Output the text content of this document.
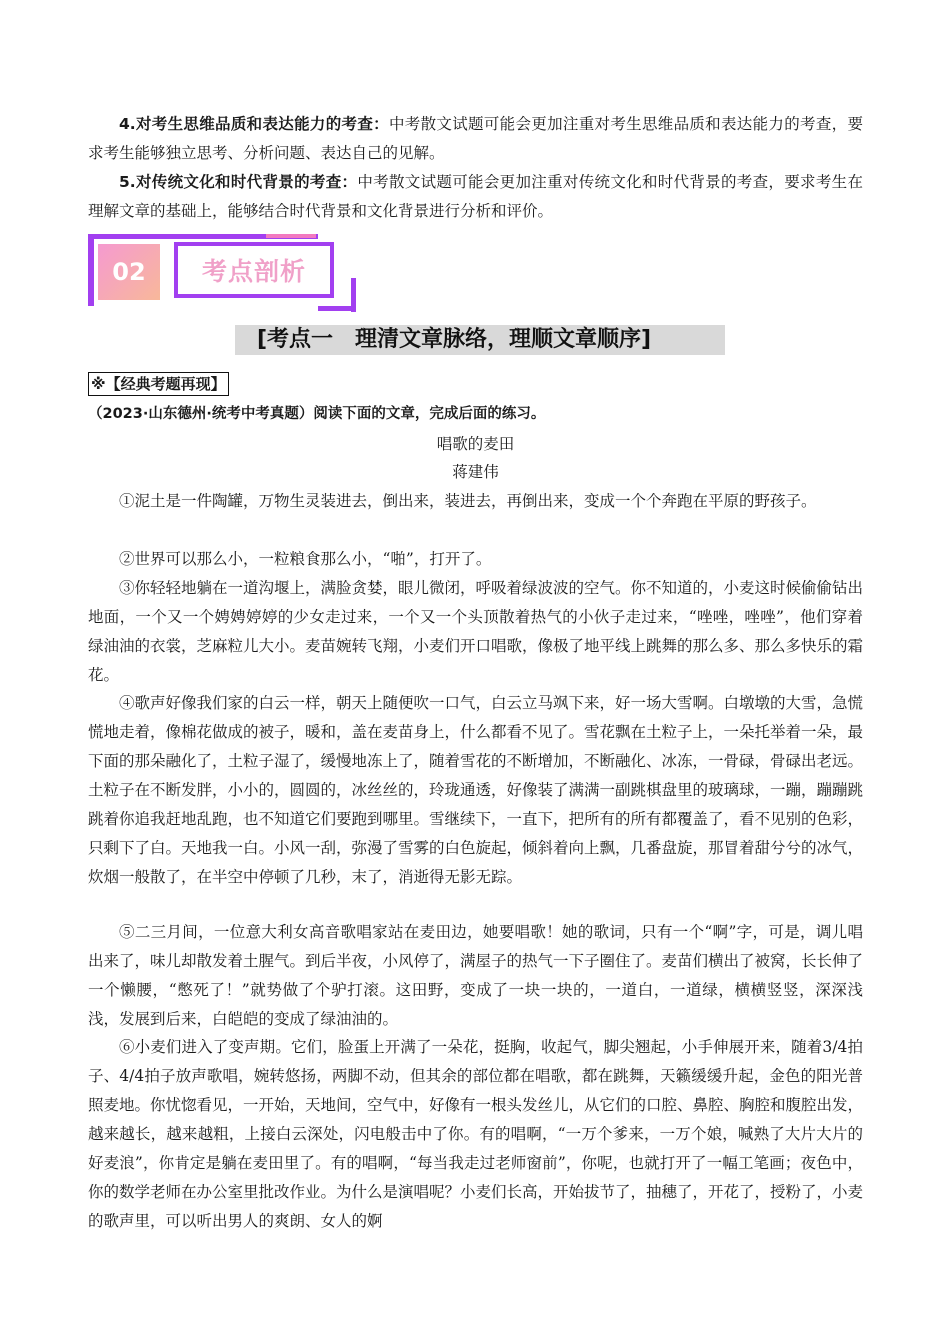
4.对考生思维品质和表达能力的考查：中考散文试题可能会更加注重对考生思维品质和表达能力的考查，要求考生能够独立思考、分析问题、表达自己的见解。

5.对传统文化和时代背景的考查：中考散文试题可能会更加注重对传统文化和时代背景的考查，要求考生在理解文章的基础上，能够结合时代背景和文化背景进行分析和评价。

02	考点剖析
[考点一　理清文章脉络，理顺文章顺序]
※【经典考题再现】
（2023·山东德州·统考中考真题）阅读下面的文章，完成后面的练习。
唱歌的麦田
蒋建伟

①泥土是一件陶罐，万物生灵装进去，倒出来，装进去，再倒出来，变成一个个奔跑在平原的野孩子。

②世界可以那么小，一粒粮食那么小，“啪”，打开了。

③你轻轻地躺在一道沟堰上，满脸贪婪，眼儿微闭，呼吸着绿波波的空气。你不知道的，小麦这时候偷偷钻出地面，一个又一个娉娉婷婷的少女走过来，一个又一个头顶散着热气的小伙子走过来，“唑唑，唑唑”，他们穿着绿油油的衣裳，芝麻粒儿大小。麦苗婉转飞翔，小麦们开口唱歌，像极了地平线上跳舞的那么多、那么多快乐的霜花。

④歌声好像我们家的白云一样，朝天上随便吹一口气，白云立马飒下来，好一场大雪啊。白墩墩的大雪，急慌慌地走着，像棉花做成的被子，暖和，盖在麦苗身上，什么都看不见了。雪花飘在土粒子上，一朵托举着一朵，最下面的那朵融化了，土粒子湿了，缓慢地冻上了，随着雪花的不断增加，不断融化、冰冻，一骨碌，骨碌出老远。土粒子在不断发胖，小小的，圆圆的，冰丝丝的，玲珑通透，好像装了满满一副跳棋盘里的玻璃球，一蹦，蹦蹦跳跳着你追我赶地乱跑，也不知道它们要跑到哪里。雪继续下，一直下，把所有的所有都覆盖了，看不见别的色彩，只剩下了白。天地我一白。小风一刮，弥漫了雪雾的白色旋起，倾斜着向上飘，几番盘旋，那冒着甜兮兮的冰气，炊烟一般散了，在半空中停顿了几秒，末了，消逝得无影无踪。

⑤二三月间，一位意大利女高音歌唱家站在麦田边，她要唱歌！她的歌词，只有一个“啊”字，可是，调儿唱出来了，味儿却散发着土腥气。到后半夜，小风停了，满屋子的热气一下子圈住了。麦苗们横出了被窝，长长伸了一个懒腰，“憋死了！”就势做了个驴打滚。这田野，变成了一块一块的，一道白，一道绿，横横竖竖，深深浅浅，发展到后来，白皑皑的变成了绿油油的。

⑥小麦们进入了变声期。它们，脸蛋上开满了一朵花，挺胸，收起气，脚尖翘起，小手伸展开来，随着3/4拍子、4/4拍子放声歌唱，婉转悠扬，两脚不动，但其余的部位都在唱歌，都在跳舞，天籁缓缓升起，金色的阳光普照麦地。你忧惚看见，一开始，天地间，空气中，好像有一根头发丝儿，从它们的口腔、鼻腔、胸腔和腹腔出发，越来越长，越来越粗，上接白云深处，闪电般击中了你。有的唱啊，“一万个爹来，一万个娘，喊熟了大片大片的好麦浪”，你肯定是躺在麦田里了。有的唱啊，“每当我走过老师窗前”，你呢，也就打开了一幅工笔画；夜色中，你的数学老师在办公室里批改作业。为什么是演唱呢？小麦们长高，开始拔节了，抽穗了，开花了，授粉了，小麦的歌声里，可以听出男人的爽朗、女人的婀
